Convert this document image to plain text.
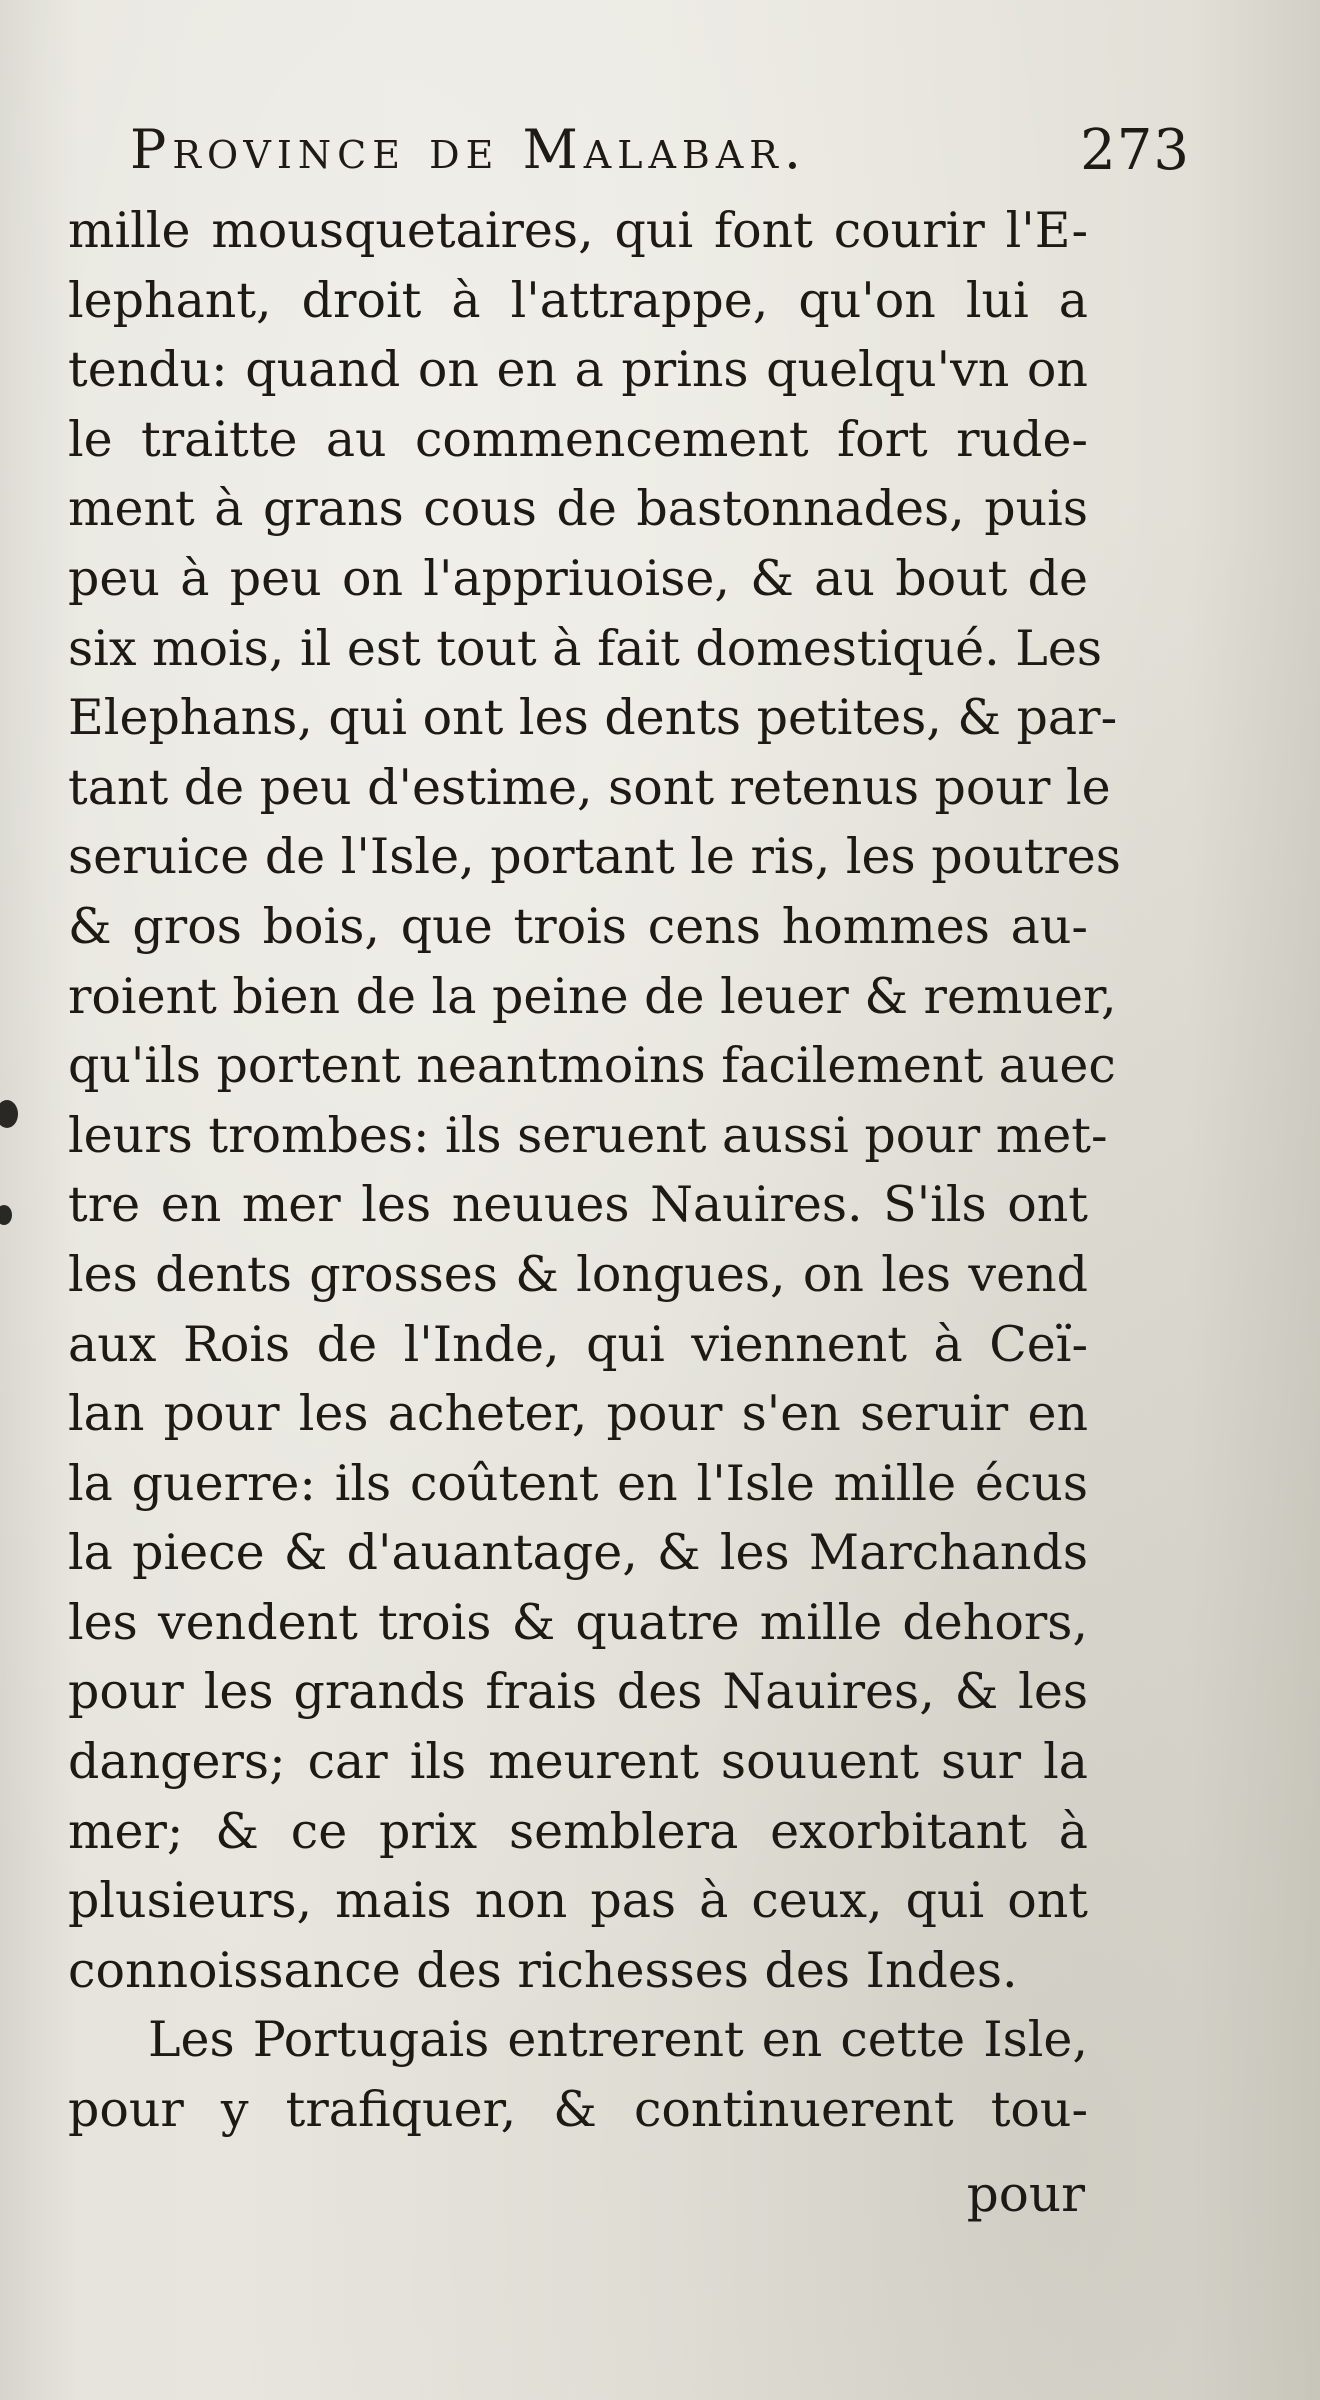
Province de Malabar.	273
mille mousquetaires, qui font courir l'E-
lephant, droit à l'attrappe, qu'on lui a
tendu: quand on en a prins quelqu'vn on
le traitte au commencement fort rude-
ment à grans cous de bastonnades, puis
peu à peu on l'appriuoise, & au bout de
six mois, il est tout à fait domestiqué. Les
Elephans, qui ont les dents petites, & par-
tant de peu d'estime, sont retenus pour le
seruice de l'Isle, portant le ris, les poutres
& gros bois, que trois cens hommes au-
roient bien de la peine de leuer & remuer,
qu'ils portent neantmoins facilement auec
leurs trombes: ils seruent aussi pour met-
tre en mer les neuues Nauires. S'ils ont
les dents grosses & longues, on les vend
aux Rois de l'Inde, qui viennent à Ceï-
lan pour les acheter, pour s'en seruir en
la guerre: ils coûtent en l'Isle mille écus
la piece & d'auantage, & les Marchands
les vendent trois & quatre mille dehors,
pour les grands frais des Nauires, & les
dangers; car ils meurent souuent sur la
mer; & ce prix semblera exorbitant à
plusieurs, mais non pas à ceux, qui ont
connoissance des richesses des Indes.
Les Portugais entrerent en cette Isle,
pour y trafiquer, & continuerent tou-
pour
